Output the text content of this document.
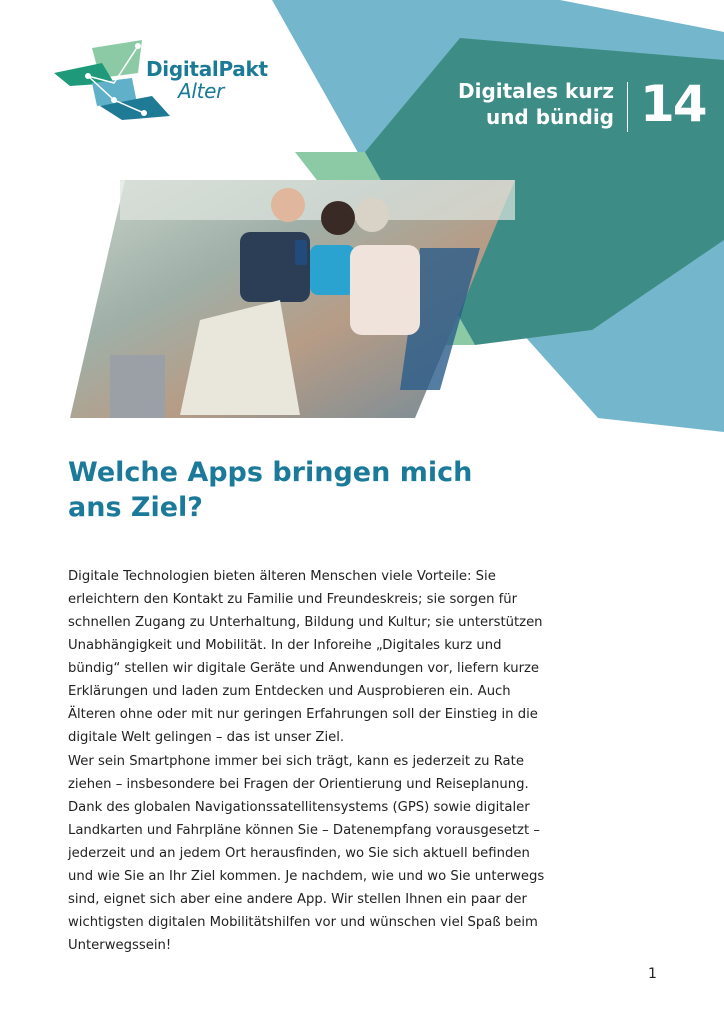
DigitalPakt
Alter	Digitales kurz
und bündig 14
Welche Apps bringen mich
ans Ziel?

Digitale Technologien bieten älteren Menschen viele Vorteile: Sie erleichtern den Kontakt zu Familie und Freundeskreis; sie sorgen für schnellen Zugang zu Unterhaltung, Bildung und Kultur; sie unterstützen Unabhängigkeit und Mobilität. In der Inforeihe „Digitales kurz und bündig“ stellen wir digitale Geräte und Anwendungen vor, liefern kurze Erklärungen und laden zum Entdecken und Ausprobieren ein. Auch Älteren ohne oder mit nur geringen Erfahrungen soll der Einstieg in die digitale Welt gelingen – das ist unser Ziel.

Wer sein Smartphone immer bei sich trägt, kann es jederzeit zu Rate ziehen – insbesondere bei Fragen der Orientierung und Reiseplanung. Dank des globalen Navigationssatellitensystems (GPS) sowie digitaler Landkarten und Fahrpläne können Sie – Datenempfang vorausgesetzt – jederzeit und an jedem Ort herausfinden, wo Sie sich aktuell befinden und wie Sie an Ihr Ziel kommen. Je nachdem, wie und wo Sie unterwegs sind, eignet sich aber eine andere App. Wir stellen Ihnen ein paar der wichtigsten digitalen Mobilitätshilfen vor und wünschen viel Spaß beim Unterwegssein!

1
